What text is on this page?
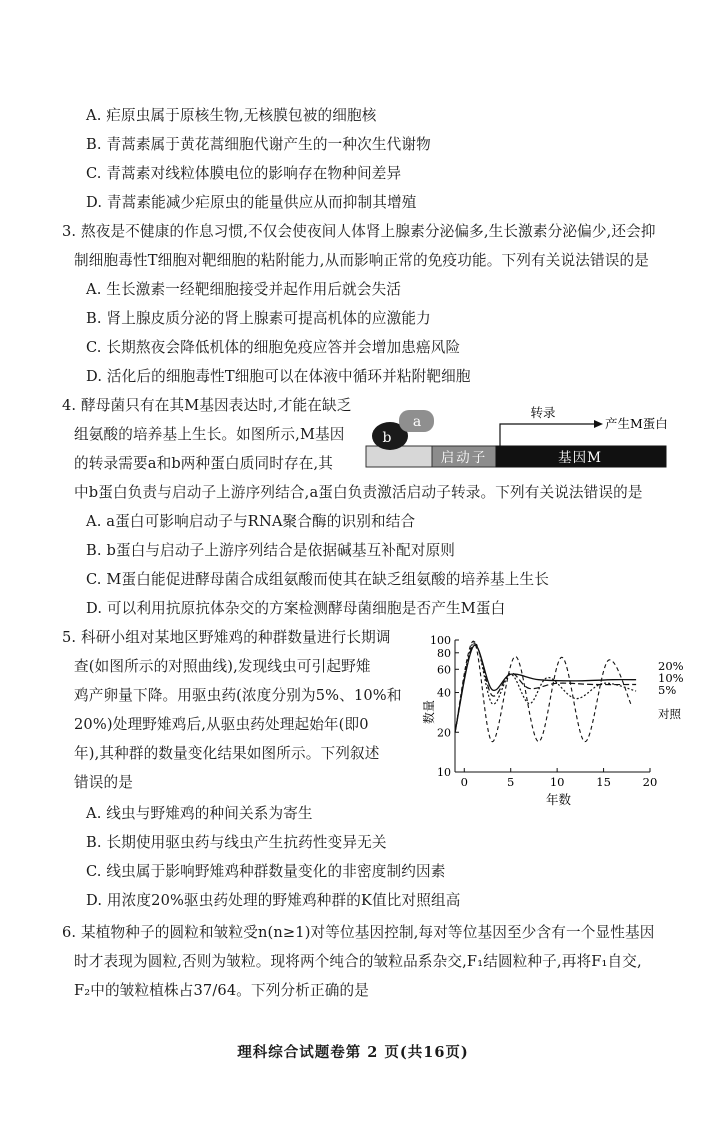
A. 疟原虫属于原核生物,无核膜包被的细胞核
B. 青蒿素属于黄花蒿细胞代谢产生的一种次生代谢物
C. 青蒿素对线粒体膜电位的影响存在物种间差异
D. 青蒿素能减少疟原虫的能量供应从而抑制其增殖
3. 熬夜是不健康的作息习惯,不仅会使夜间人体肾上腺素分泌偏多,生长激素分泌偏少,还会抑
制细胞毒性T细胞对靶细胞的粘附能力,从而影响正常的免疫功能。下列有关说法错误的是
A. 生长激素一经靶细胞接受并起作用后就会失活
B. 肾上腺皮质分泌的肾上腺素可提高机体的应激能力
C. 长期熬夜会降低机体的细胞免疫应答并会增加患癌风险
D. 活化后的细胞毒性T细胞可以在体液中循环并粘附靶细胞
4. 酵母菌只有在其M基因表达时,才能在缺乏
组氨酸的培养基上生长。如图所示,M基因
的转录需要a和b两种蛋白质同时存在,其
中b蛋白负责与启动子上游序列结合,a蛋白负责激活启动子转录。下列有关说法错误的是
A. a蛋白可影响启动子与RNA聚合酶的识别和结合
B. b蛋白与启动子上游序列结合是依据碱基互补配对原则
C. M蛋白能促进酵母菌合成组氨酸而使其在缺乏组氨酸的培养基上生长
D. 可以利用抗原抗体杂交的方案检测酵母菌细胞是否产生M蛋白
b
a
启动子	基因M
转录
产生M蛋白
5. 科研小组对某地区野雉鸡的种群数量进行长期调
查(如图所示的对照曲线),发现线虫可引起野雉
鸡产卵量下降。用驱虫药(浓度分别为5%、10%和
20%)处理野雉鸡后,从驱虫药处理起始年(即0
年),其种群的数量变化结果如图所示。下列叙述
错误的是
A. 线虫与野雉鸡的种间关系为寄生
B. 长期使用驱虫药与线虫产生抗药性变异无关
C. 线虫属于影响野雉鸡种群数量变化的非密度制约因素
D. 用浓度20%驱虫药处理的野雉鸡种群的K值比对照组高
10
20
40
60
80
100
0	5	10	15	20
年数
数量
20%
10%
5%
对照
6. 某植物种子的圆粒和皱粒受n(n≥1)对等位基因控制,每对等位基因至少含有一个显性基因
时才表现为圆粒,否则为皱粒。现将两个纯合的皱粒品系杂交,F₁结圆粒种子,再将F₁自交,
F₂中的皱粒植株占37/64。下列分析正确的是
理科综合试题卷第 2 页(共16页)
